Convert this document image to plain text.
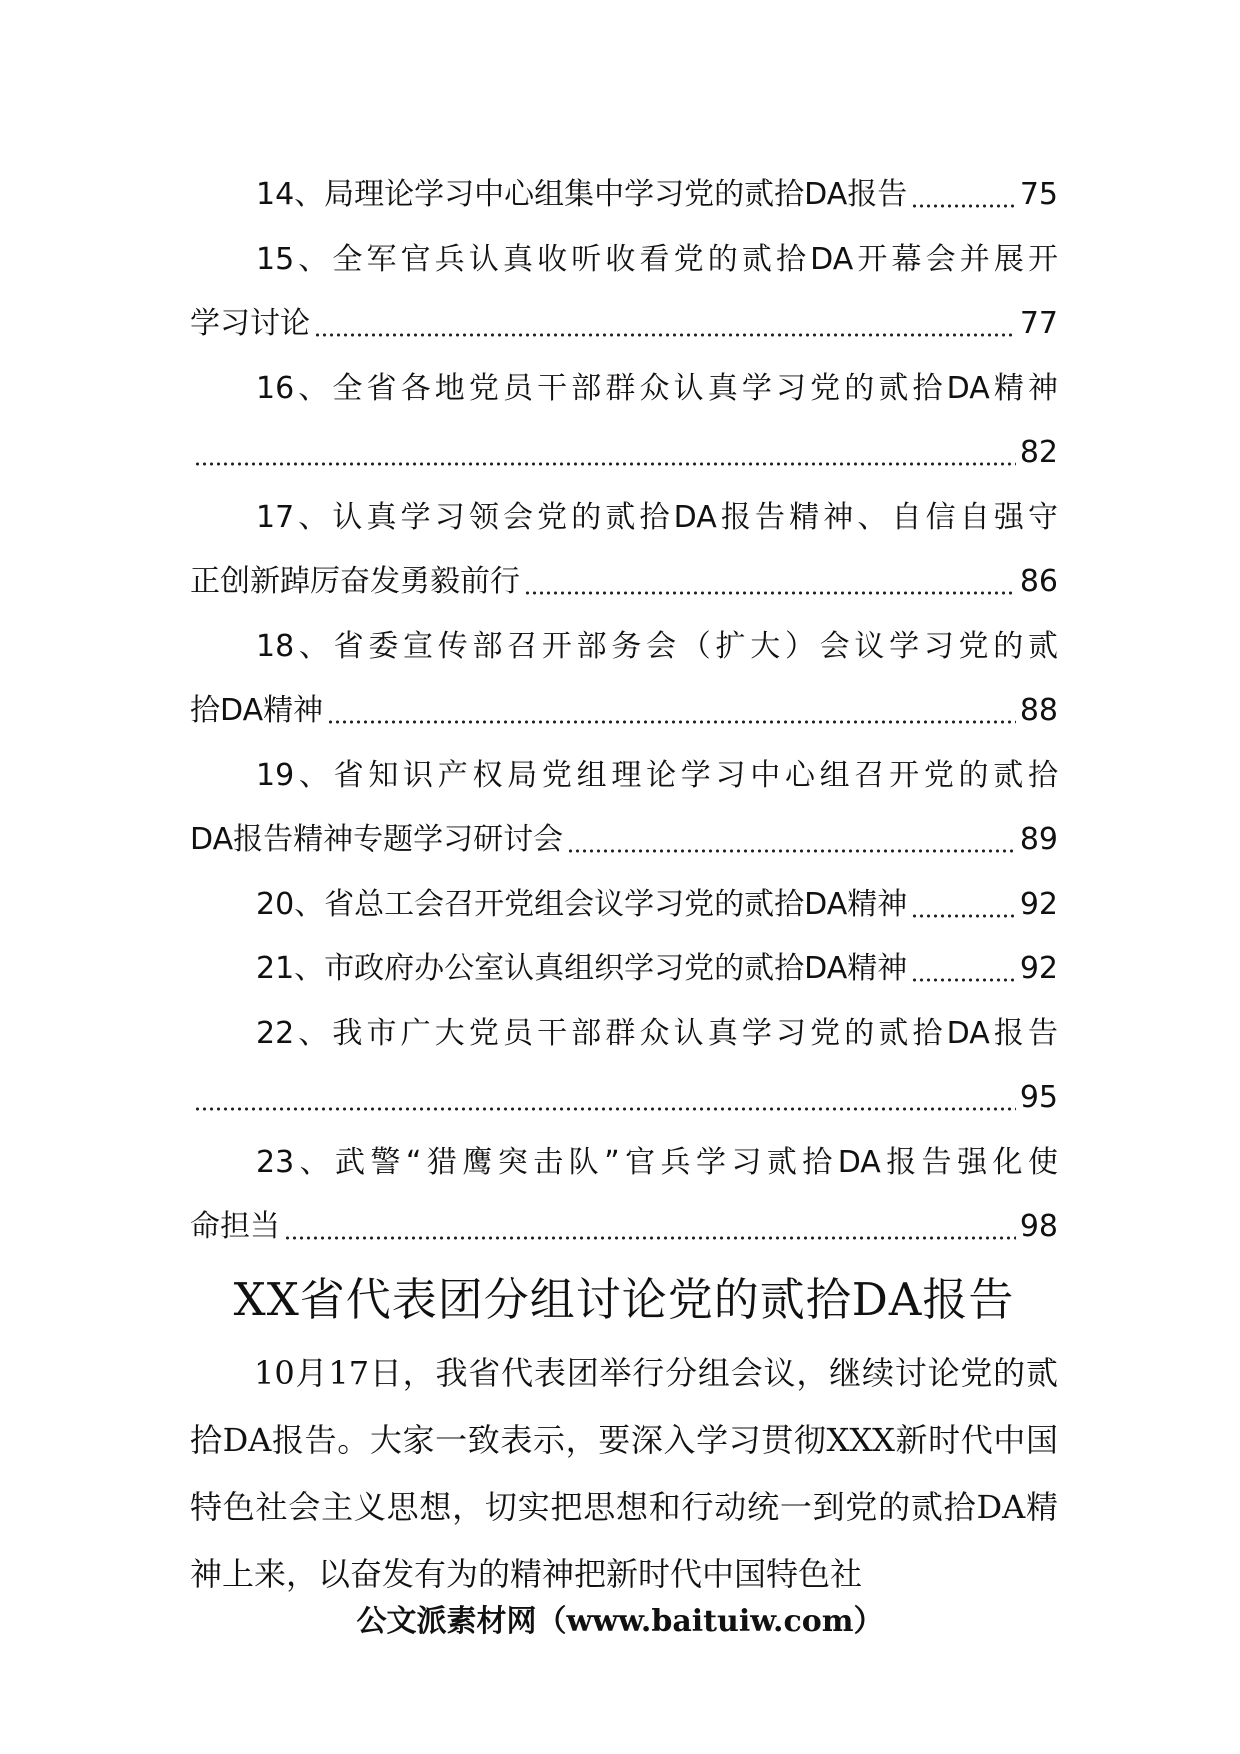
14、局理论学习中心组集中学习党的贰拾DA报告	75
15、全军官兵认真收听收看党的贰拾DA开幕会并展开
学习讨论	77
16、全省各地党员干部群众认真学习党的贰拾DA精神
82
17、认真学习领会党的贰拾DA报告精神、自信自强守
正创新踔厉奋发勇毅前行	86
18、省委宣传部召开部务会（扩大）会议学习党的贰
拾DA精神	88
19、省知识产权局党组理论学习中心组召开党的贰拾
DA报告精神专题学习研讨会	89
20、省总工会召开党组会议学习党的贰拾DA精神	92
21、市政府办公室认真组织学习党的贰拾DA精神	92
22、我市广大党员干部群众认真学习党的贰拾DA报告
95
23、武警“猎鹰突击队”官兵学习贰拾DA报告强化使
命担当	98
XX省代表团分组讨论党的贰拾DA报告

10月17日，我省代表团举行分组会议，继续讨论党的贰拾DA报告。大家一致表示，要深入学习贯彻XXX新时代中国特色社会主义思想，切实把思想和行动统一到党的贰拾DA精神上来，以奋发有为的精神把新时代中国特色社

公文派素材网（www.baituiw.com）
